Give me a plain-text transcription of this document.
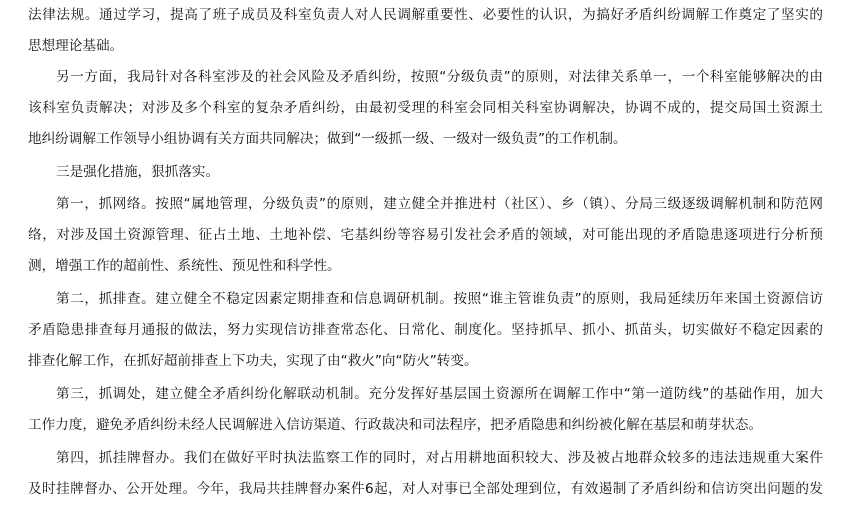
法律法规。通过学习，提高了班子成员及科室负责人对人民调解重要性、必要性的认识，为搞好矛盾纠纷调解工作奠定了坚实的
思想理论基础。
另一方面，我局针对各科室涉及的社会风险及矛盾纠纷，按照“分级负责”的原则，对法律关系单一，一个科室能够解决的由
该科室负责解决；对涉及多个科室的复杂矛盾纠纷，由最初受理的科室会同相关科室协调解决，协调不成的，提交局国土资源土
地纠纷调解工作领导小组协调有关方面共同解决；做到“一级抓一级、一级对一级负责”的工作机制。
三是强化措施，狠抓落实。
第一，抓网络。按照“属地管理，分级负责”的原则，建立健全并推进村（社区）、乡（镇）、分局三级逐级调解机制和防范网
络，对涉及国土资源管理、征占土地、土地补偿、宅基纠纷等容易引发社会矛盾的领域，对可能出现的矛盾隐患逐项进行分析预
测，增强工作的超前性、系统性、预见性和科学性。
第二，抓排查。建立健全不稳定因素定期排查和信息调研机制。按照“谁主管谁负责”的原则，我局延续历年来国土资源信访
矛盾隐患排查每月通报的做法，努力实现信访排查常态化、日常化、制度化。坚持抓早、抓小、抓苗头，切实做好不稳定因素的
排查化解工作，在抓好超前排查上下功夫，实现了由“救火”向“防火”转变。
第三，抓调处，建立健全矛盾纠纷化解联动机制。充分发挥好基层国土资源所在调解工作中“第一道防线”的基础作用，加大
工作力度，避免矛盾纠纷未经人民调解进入信访渠道、行政裁决和司法程序，把矛盾隐患和纠纷被化解在基层和萌芽状态。
第四，抓挂牌督办。我们在做好平时执法监察工作的同时，对占用耕地面积较大、涉及被占地群众较多的违法违规重大案件
及时挂牌督办、公开处理。今年，我局共挂牌督办案件6起，对人对事已全部处理到位，有效遏制了矛盾纠纷和信访突出问题的发
